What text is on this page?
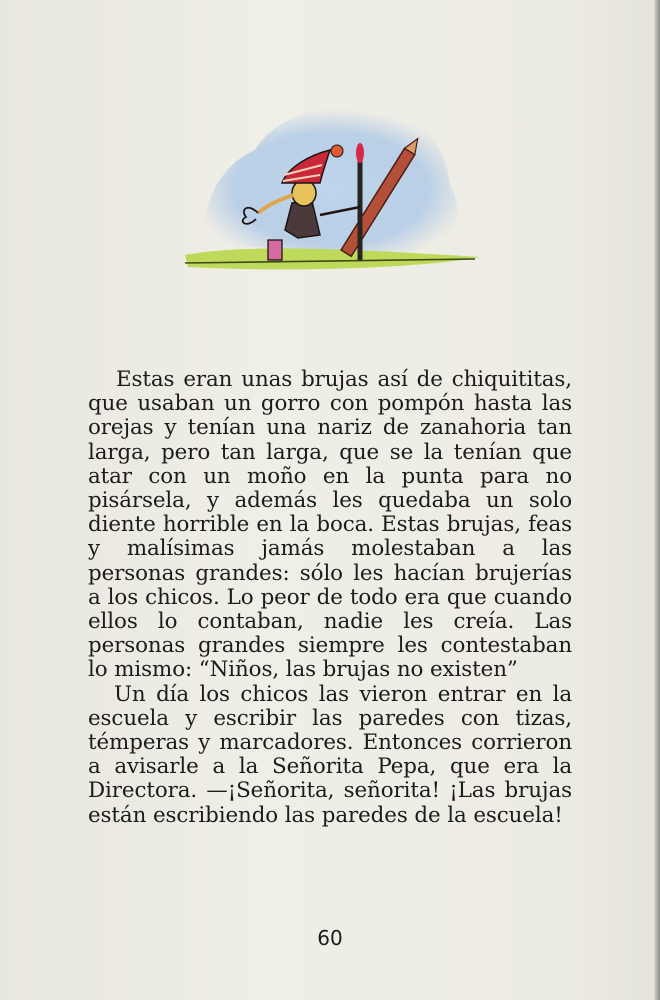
Estas eran unas brujas así de chiquititas, que usaban un gorro con pompón hasta las orejas y tenían una nariz de zanahoria tan larga, pero tan larga, que se la tenían que atar con un moño en la punta para no pisársela, y además les quedaba un solo diente horrible en la boca. Estas brujas, feas y malísimas jamás molestaban a las personas grandes: sólo les hacían brujerías a los chicos. Lo peor de todo era que cuando ellos lo contaban, nadie les creía. Las personas grandes siempre les contestaban lo mismo: “Niños, las brujas no existen”

Un día los chicos las vieron entrar en la escuela y escribir las paredes con tizas, témperas y marcadores. Entonces corrieron a avisarle a la Señorita Pepa, que era la Directora. —¡Señorita, señorita! ¡Las brujas están escribiendo las paredes de la escuela!

60
